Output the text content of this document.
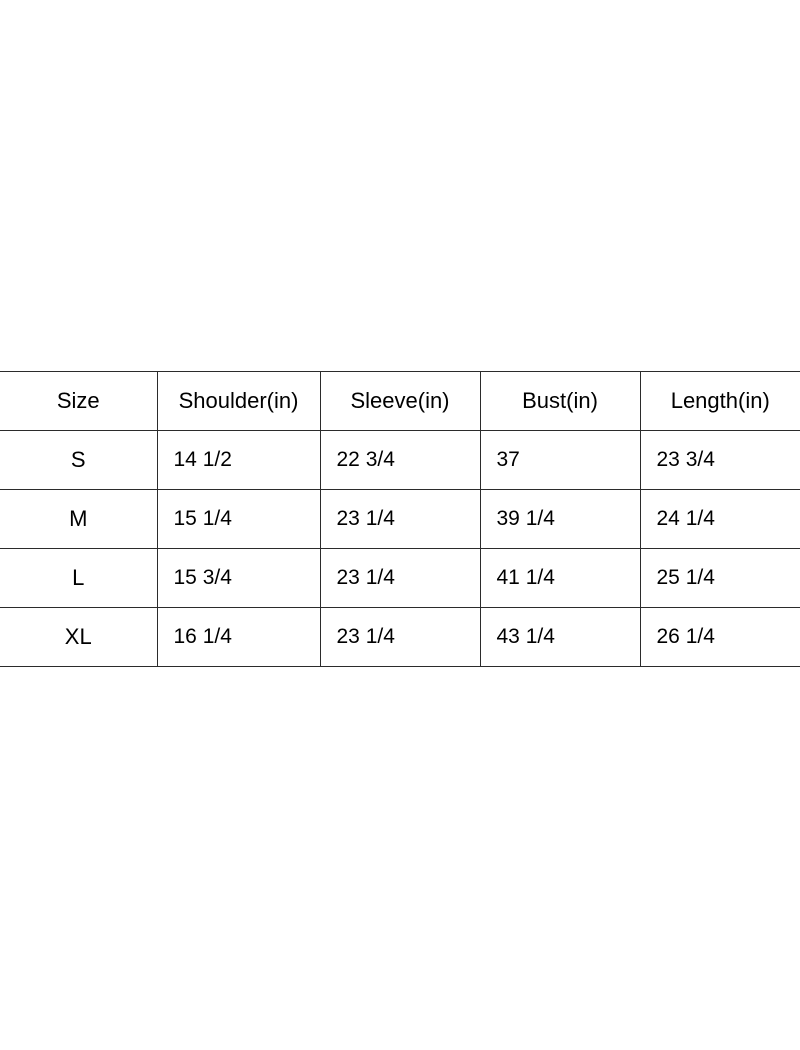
Size	Shoulder(in)	Sleeve(in)	Bust(in)	Length(in)
S	14 1/2	22 3/4	37	23 3/4
M	15 1/4	23 1/4	39 1/4	24 1/4
L	15 3/4	23 1/4	41 1/4	25 1/4
XL	16 1/4	23 1/4	43 1/4	26 1/4
